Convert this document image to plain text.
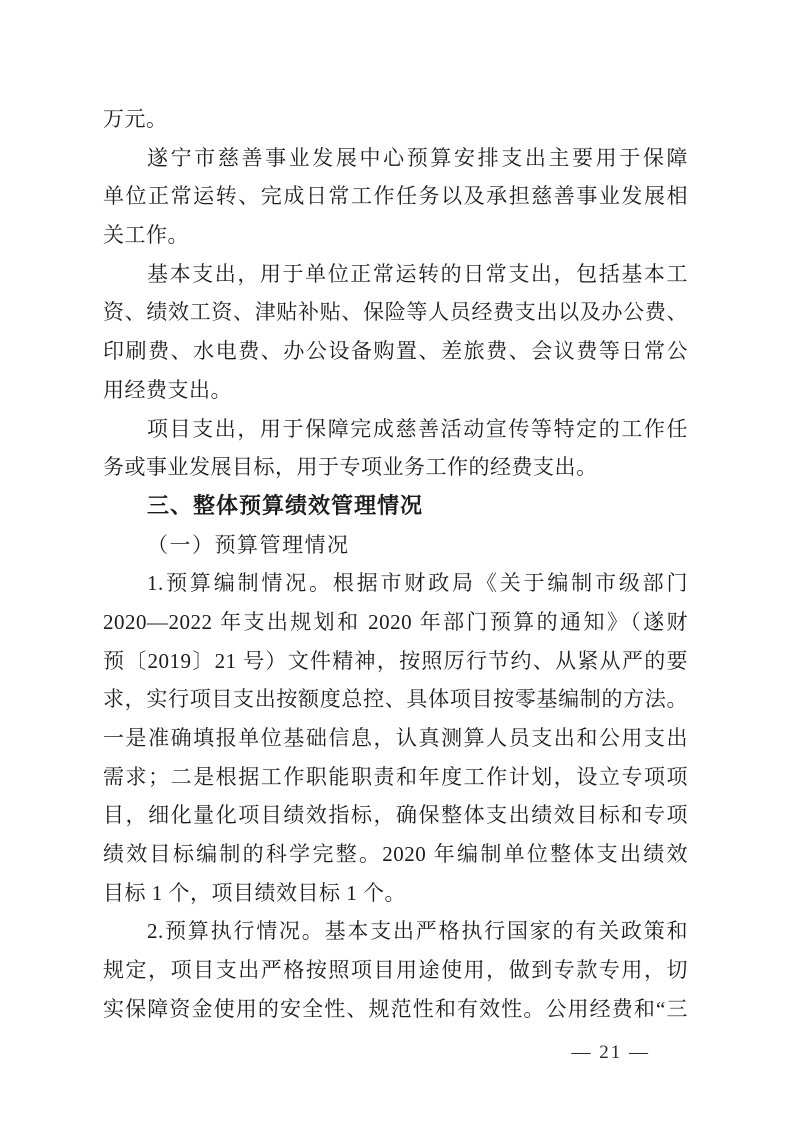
万元。
遂宁市慈善事业发展中心预算安排支出主要用于保障
单位正常运转、完成日常工作任务以及承担慈善事业发展相
关工作。
基本支出，用于单位正常运转的日常支出，包括基本工
资、绩效工资、津贴补贴、保险等人员经费支出以及办公费、
印刷费、水电费、办公设备购置、差旅费、会议费等日常公
用经费支出。
项目支出，用于保障完成慈善活动宣传等特定的工作任
务或事业发展目标，用于专项业务工作的经费支出。
三、整体预算绩效管理情况
（一）预算管理情况
1.预算编制情况。根据市财政局《关于编制市级部门
2020—2022 年支出规划和 2020 年部门预算的通知》（遂财
预〔2019〕21 号）文件精神，按照厉行节约、从紧从严的要
求，实行项目支出按额度总控、具体项目按零基编制的方法。
一是准确填报单位基础信息，认真测算人员支出和公用支出
需求；二是根据工作职能职责和年度工作计划，设立专项项
目，细化量化项目绩效指标，确保整体支出绩效目标和专项
绩效目标编制的科学完整。2020 年编制单位整体支出绩效
目标 1 个，项目绩效目标 1 个。
2.预算执行情况。基本支出严格执行国家的有关政策和
规定，项目支出严格按照项目用途使用，做到专款专用，切
实保障资金使用的安全性、规范性和有效性。公用经费和“三
— 21 —
